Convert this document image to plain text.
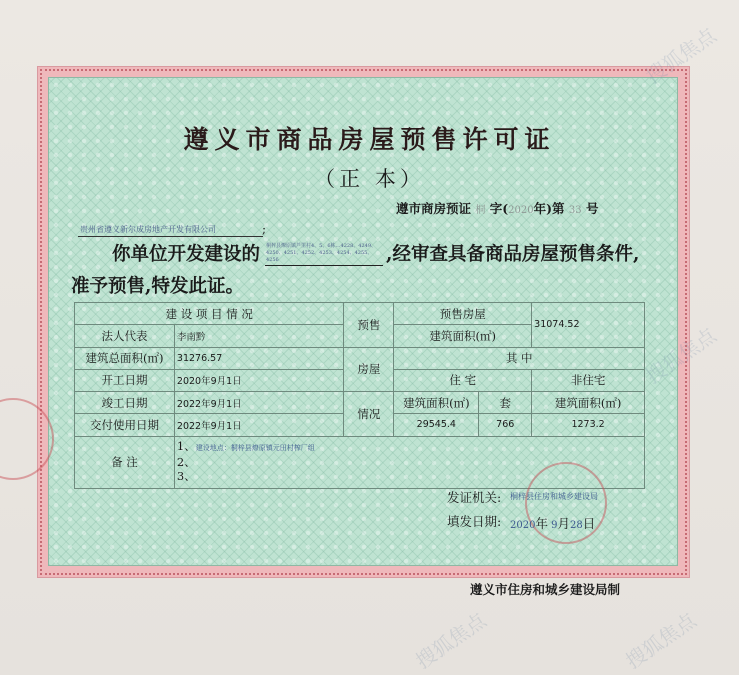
遵义市商品房屋预售许可证
（正 本）
遵市商房预证 桐 字(2020年)第 33 号
贵州省遵义新尔成房地产开发有限公司	;
你单位开发建设的 桐梓县燎原镇芦里村4、5、6栋…4228、4249、4250、4251、4252、4253、4254、4255、4256	,经审查具备商品房屋预售条件,
准予预售,特发此证。
建 设 项 目 情 况		预售	预售房屋		31074.52
法人代表	李南黔		建筑面积(㎡)		
建筑总面积(㎡)	31276.57	房屋	其 中		
开工日期	2020年9月1日		住 宅		非住宅
竣工日期	2022年9月1日	情况	建筑面积(㎡)	套	建筑面积(㎡)
交付使用日期	2022年9月1日		29545.4	766	1273.2
备 注	1、建设地点：桐梓县燎原镇元田村榨厂组
2、
3、				
发证机关: 桐梓县住房和城乡建设局
填发日期: 2020年 9月28日
遵义市住房和城乡建设局制
搜狐焦点
搜狐焦点
搜狐焦点
搜狐焦点
